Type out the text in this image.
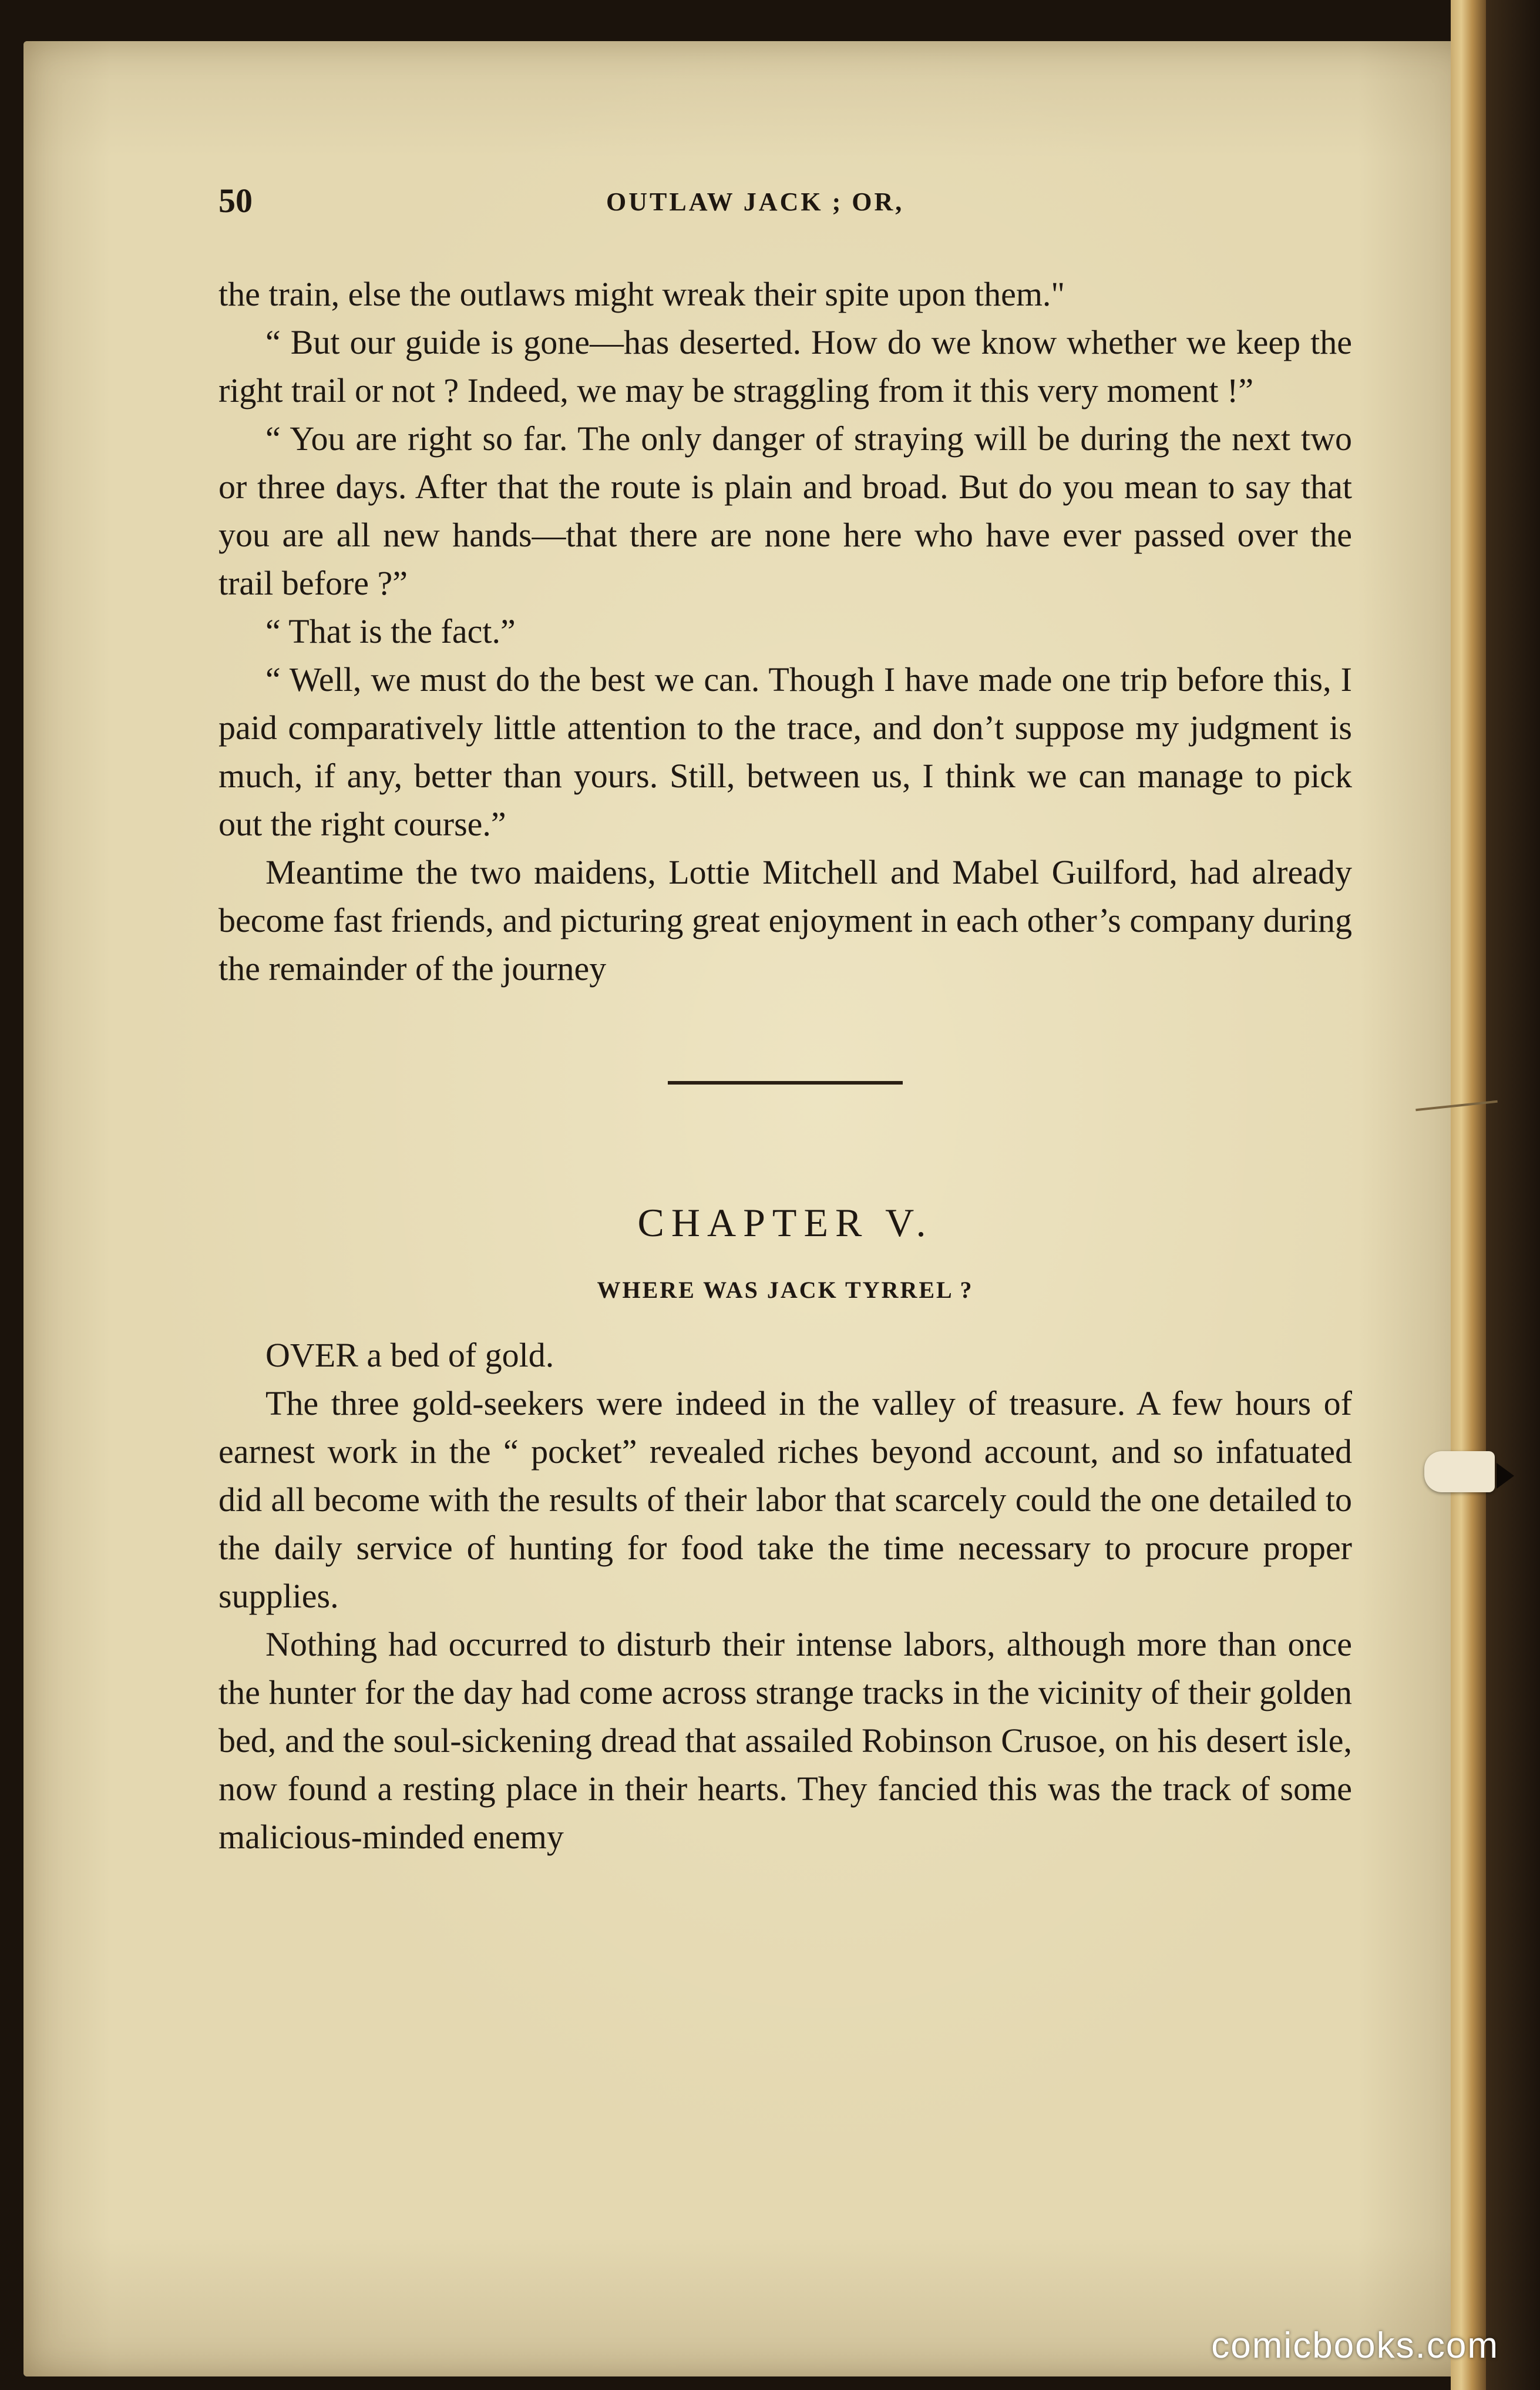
50	OUTLAW JACK ; OR,

the train, else the outlaws might wreak their spite upon them."

“ But our guide is gone—has deserted. How do we know whether we keep the right trail or not ? Indeed, we may be straggling from it this very moment !”

“ You are right so far. The only danger of straying will be during the next two or three days. After that the route is plain and broad. But do you mean to say that you are all new hands—that there are none here who have ever passed over the trail before ?”

“ That is the fact.”

“ Well, we must do the best we can. Though I have made one trip before this, I paid comparatively little attention to the trace, and don’t suppose my judgment is much, if any, better than yours. Still, between us, I think we can manage to pick out the right course.”

Meantime the two maidens, Lottie Mitchell and Mabel Guilford, had already become fast friends, and picturing great enjoyment in each other’s company during the remainder of the journey

CHAPTER V.
WHERE WAS JACK TYRREL ?

OVER a bed of gold.

The three gold-seekers were indeed in the valley of treasure. A few hours of earnest work in the “ pocket” revealed riches beyond account, and so infatuated did all become with the results of their labor that scarcely could the one detailed to the daily service of hunting for food take the time necessary to procure proper supplies.

Nothing had occurred to disturb their intense labors, although more than once the hunter for the day had come across strange tracks in the vicinity of their golden bed, and the soul-sickening dread that assailed Robinson Crusoe, on his desert isle, now found a resting place in their hearts. They fancied this was the track of some malicious-minded enemy

comicbooks.com
